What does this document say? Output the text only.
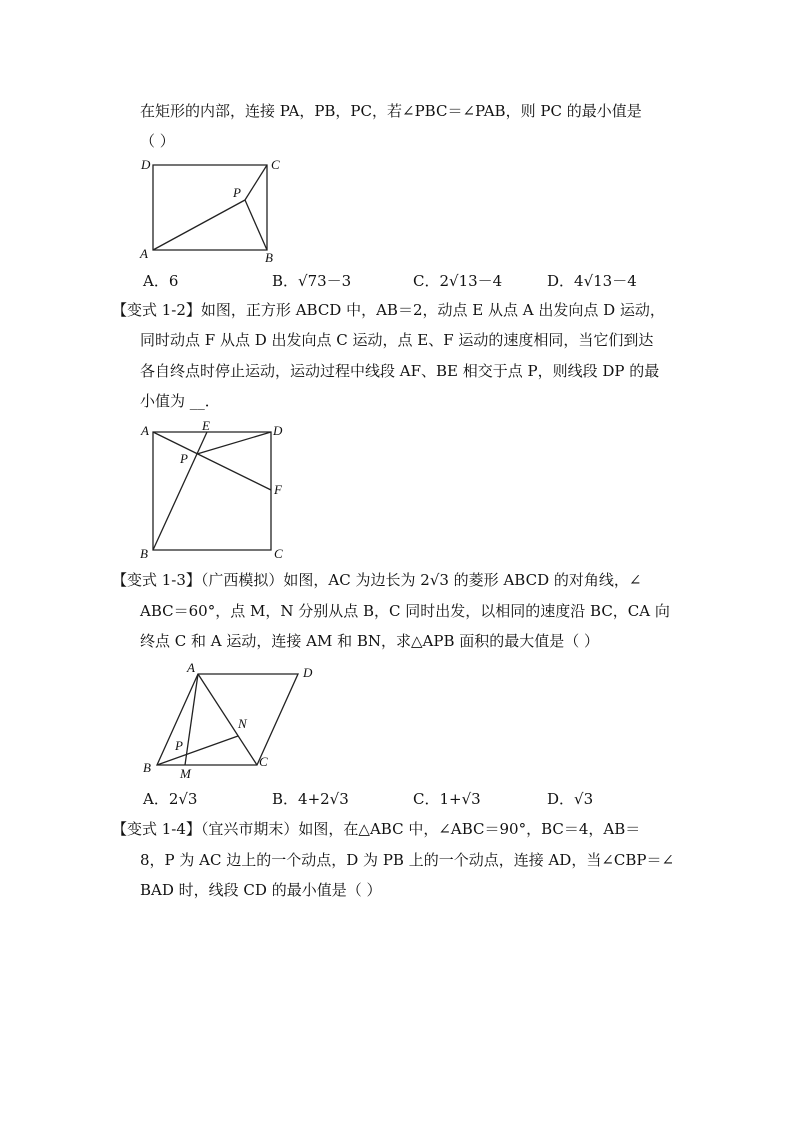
在矩形的内部，连接 PA，PB，PC，若∠PBC＝∠PAB，则 PC 的最小值是
（ ）
D	C
P
A	B
A．6	B．√73－3	C．2√13－4	D．4√13－4
【变式 1-2】如图，正方形 ABCD 中，AB＝2，动点 E 从点 A 出发向点 D 运动，
同时动点 F 从点 D 出发向点 C 运动，点 E、F 运动的速度相同，当它们到达
各自终点时停止运动，运动过程中线段 AF、BE 相交于点 P，则线段 DP 的最
小值为 __．
A	E	D
P
F
B	C
【变式 1-3】（广西模拟）如图，AC 为边长为 2√3 的菱形 ABCD 的对角线，∠
ABC＝60°，点 M，N 分别从点 B，C 同时出发，以相同的速度沿 BC，CA 向
终点 C 和 A 运动，连接 AM 和 BN，求△APB 面积的最大值是（ ）
A	D
N
P
B M
C
A．2√3	B．4+2√3	C．1+√3	D．√3
【变式 1-4】（宜兴市期末）如图，在△ABC 中，∠ABC＝90°，BC＝4，AB＝
8，P 为 AC 边上的一个动点，D 为 PB 上的一个动点，连接 AD，当∠CBP＝∠
BAD 时，线段 CD 的最小值是（ ）
